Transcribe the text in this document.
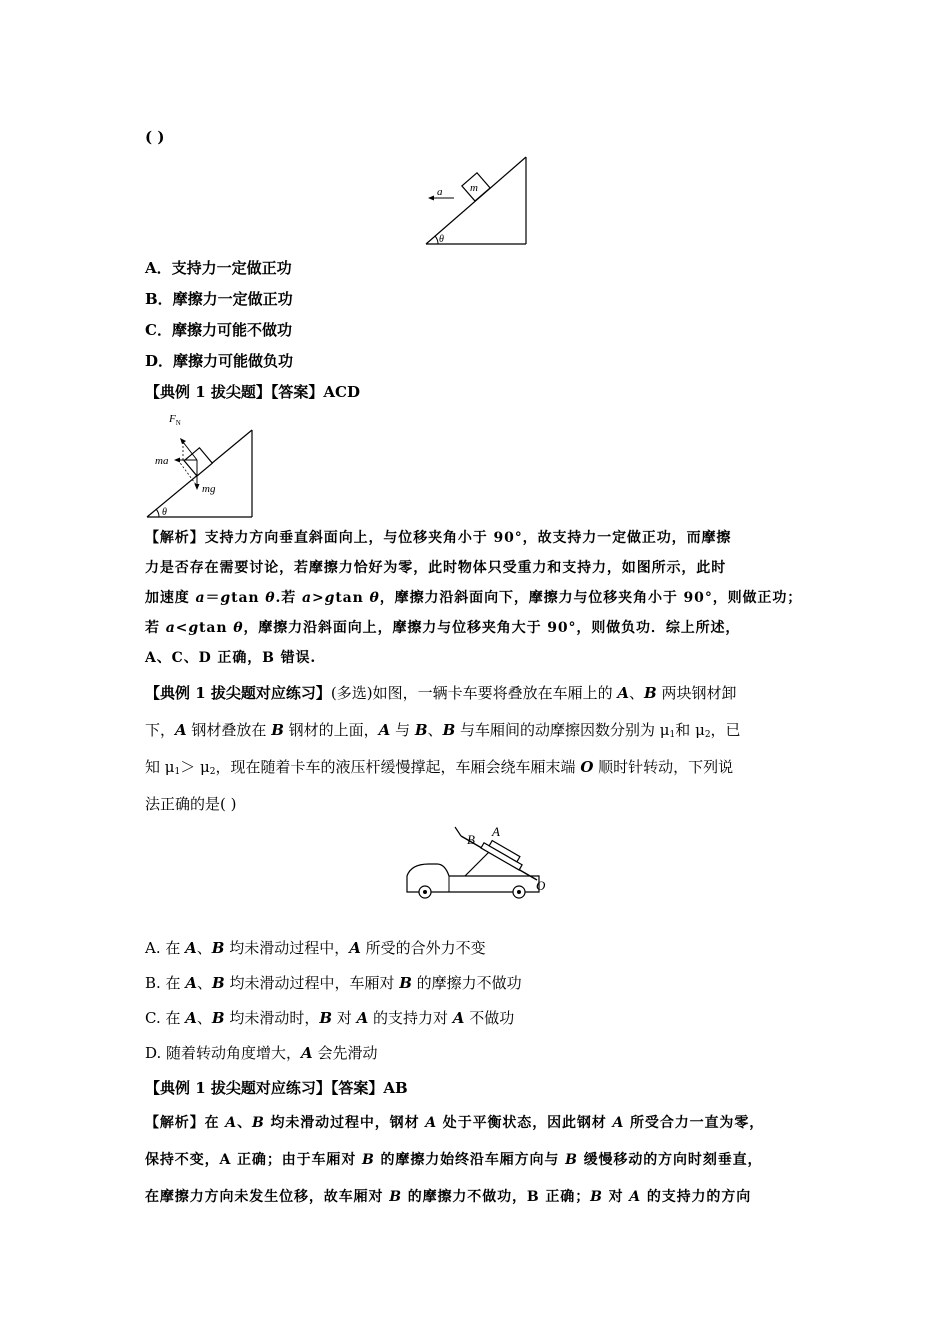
( )
m
a
θ
A．支持力一定做正功
B．摩擦力一定做正功
C．摩擦力可能不做功
D．摩擦力可能做负功
【典例 1 拔尖题】【答案】ACD
$F_N$
ma
mg
θ
【解析】支持力方向垂直斜面向上，与位移夹角小于 90°，故支持力一定做正功，而摩擦
力是否存在需要讨论，若摩擦力恰好为零，此时物体只受重力和支持力，如图所示，此时
加速度 a＝gtan θ.若 a>gtan θ，摩擦力沿斜面向下，摩擦力与位移夹角小于 90°，则做正功；
若 a<gtan θ，摩擦力沿斜面向上，摩擦力与位移夹角大于 90°，则做负功．综上所述，
A、C、D 正确，B 错误.
【典例 1 拔尖题对应练习】(多选)如图，一辆卡车要将叠放在车厢上的 A、B 两块钢材卸
下，A 钢材叠放在 B 钢材的上面，A 与 B、B 与车厢间的动摩擦因数分别为 $\mu_1$和 $\mu_2$，已
知 $\mu_1> \mu_2$，现在随着卡车的液压杆缓慢撑起，车厢会绕车厢末端 O 顺时针转动，下列说
法正确的是( )
B
A
O
A. 在 A、B 均未滑动过程中，A 所受的合外力不变
B. 在 A、B 均未滑动过程中，车厢对 B 的摩擦力不做功
C. 在 A、B 均未滑动时，B 对 A 的支持力对 A 不做功
D. 随着转动角度增大，A 会先滑动
【典例 1 拔尖题对应练习】【答案】AB
【解析】在 A、B 均未滑动过程中，钢材 A 处于平衡状态，因此钢材 A 所受合力一直为零，
保持不变，A 正确；由于车厢对 B 的摩擦力始终沿车厢方向与 B 缓慢移动的方向时刻垂直，
在摩擦力方向未发生位移，故车厢对 B 的摩擦力不做功，B 正确；B 对 A 的支持力的方向
